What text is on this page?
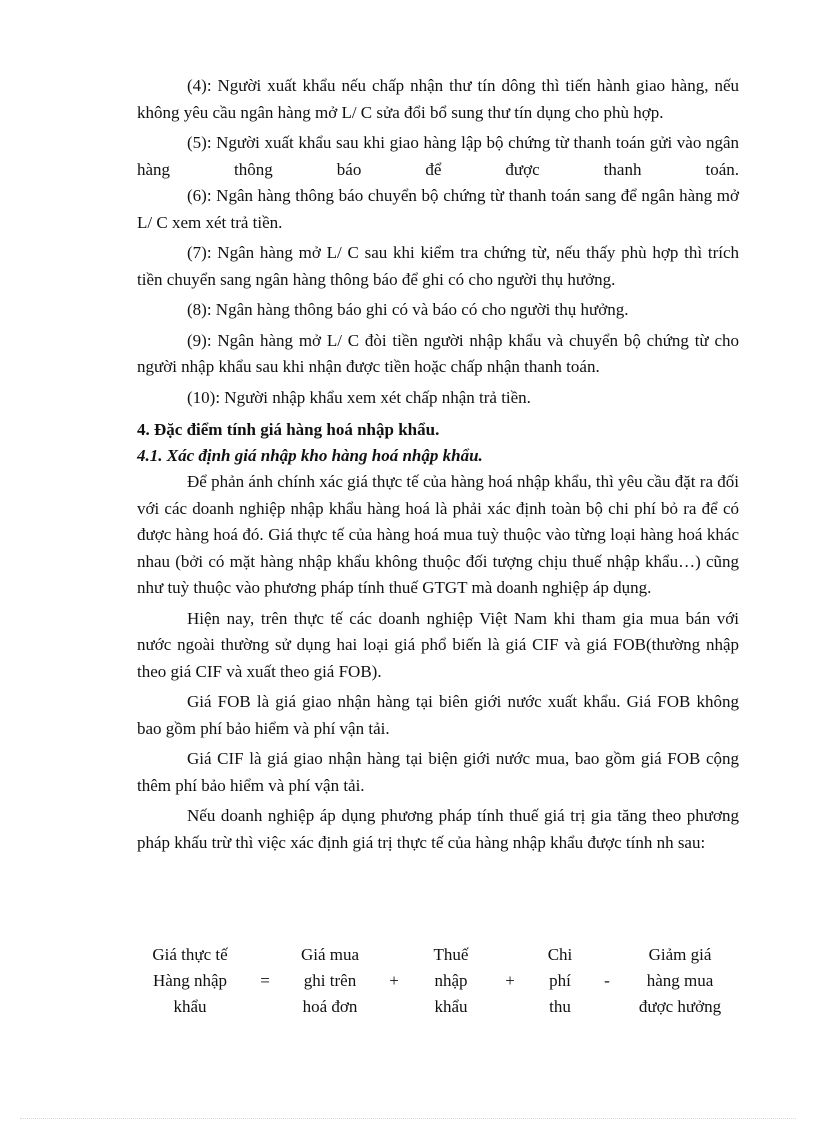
(4): Người xuất khẩu nếu chấp nhận thư tín dông thì tiến hành giao hàng, nếu không yêu cầu ngân hàng mở L/ C sửa đổi bổ sung thư tín dụng cho phù hợp.

(5): Người xuất khẩu sau khi giao hàng lập bộ chứng từ thanh toán gửi vào ngân hàng thông báo để được thanh toán.

(6): Ngân hàng thông báo chuyển bộ chứng từ thanh toán sang để ngân hàng mở L/ C xem xét trả tiền.

(7): Ngân hàng mở L/ C sau khi kiểm tra chứng từ, nếu thấy phù hợp thì trích tiền chuyển sang ngân hàng thông báo để ghi có cho người thụ hưởng.

(8): Ngân hàng thông báo ghi có và báo có cho người thụ hưởng.

(9): Ngân hàng mở L/ C đòi tiền người nhập khẩu và chuyển bộ chứng từ cho người nhập khẩu sau khi nhận được tiền hoặc chấp nhận thanh toán.

(10): Người nhập khẩu xem xét chấp nhận trả tiền.

4. Đặc điểm tính giá hàng hoá nhập khẩu.
4.1. Xác định giá nhập kho hàng hoá nhập khẩu.

Để phản ánh chính xác giá thực tế của hàng hoá nhập khẩu, thì yêu cầu đặt ra đối với các doanh nghiệp nhập khẩu hàng hoá là phải xác định toàn bộ chi phí bỏ ra để có được hàng hoá đó. Giá thực tế của hàng hoá mua tuỳ thuộc vào từng loại hàng hoá khác nhau (bởi có mặt hàng nhập khẩu không thuộc đối tượng chịu thuế nhập khẩu…) cũng như tuỳ thuộc vào phương pháp tính thuế GTGT mà doanh nghiệp áp dụng.

Hiện nay, trên thực tế các doanh nghiệp Việt Nam khi tham gia mua bán với nước ngoài thường sử dụng hai loại giá phổ biến là giá CIF và giá FOB(thường nhập theo giá CIF và xuất theo giá FOB).

Giá FOB là giá giao nhận hàng tại biên giới nước xuất khẩu. Giá FOB không bao gồm phí bảo hiểm và phí vận tải.

Giá CIF là giá giao nhận hàng tại biện giới nước mua, bao gồm giá FOB cộng thêm phí bảo hiểm và phí vận tải.

Nếu doanh nghiệp áp dụng phương pháp tính thuế giá trị gia tăng theo phương pháp khấu trừ thì việc xác định giá trị thực tế của hàng nhập khẩu được tính nh sau:

Giá thực tế
Hàng nhập
khẩu
=
Giá mua
ghi trên
hoá đơn
+
Thuế
nhập
khẩu
+
Chi
phí
thu
-
Giảm giá
hàng mua
được hưởng
